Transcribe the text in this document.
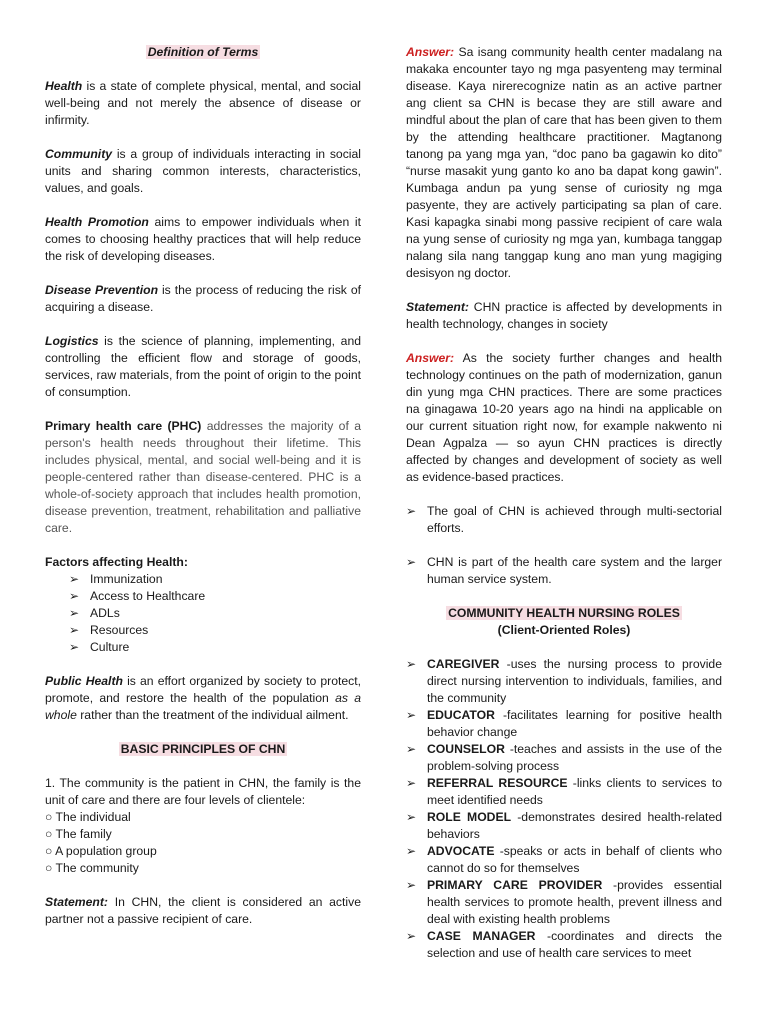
Definition of Terms

Health is a state of complete physical, mental, and social well-being and not merely the absence of disease or infirmity.

Community is a group of individuals interacting in social units and sharing common interests, characteristics, values, and goals.

Health Promotion aims to empower individuals when it comes to choosing healthy practices that will help reduce the risk of developing diseases.

Disease Prevention is the process of reducing the risk of acquiring a disease.

Logistics is the science of planning, implementing, and controlling the efficient flow and storage of goods, services, raw materials, from the point of origin to the point of consumption.

Primary health care (PHC) addresses the majority of a person's health needs throughout their lifetime. This includes physical, mental, and social well-being and it is people-centered rather than disease-centered. PHC is a whole-of-society approach that includes health promotion, disease prevention, treatment, rehabilitation and palliative care.

Factors affecting Health:
➢ Immunization
➢ Access to Healthcare
➢ ADLs
➢ Resources
➢ Culture

Public Health is an effort organized by society to protect, promote, and restore the health of the population as a whole rather than the treatment of the individual ailment.

BASIC PRINCIPLES OF CHN

1. The community is the patient in CHN, the family is the unit of care and there are four levels of clientele:

○ The individual
○ The family
○ A population group
○ The community

Statement: In CHN, the client is considered an active partner not a passive recipient of care.

Answer: Sa isang community health center madalang na makaka encounter tayo ng mga pasyenteng may terminal disease. Kaya nirerecognize natin as an active partner ang client sa CHN is becase they are still aware and mindful about the plan of care that has been given to them by the attending healthcare practitioner. Magtanong tanong pa yang mga yan, “doc pano ba gagawin ko dito” “nurse masakit yung ganto ko ano ba dapat kong gawin”. Kumbaga andun pa yung sense of curiosity ng mga pasyente, they are actively participating sa plan of care. Kasi kapagka sinabi mong passive recipient of care wala na yung sense of curiosity ng mga yan, kumbaga tanggap nalang sila nang tanggap kung ano man yung magiging desisyon ng doctor.

Statement: CHN practice is affected by developments in health technology, changes in society

Answer: As the society further changes and health technology continues on the path of modernization, ganun din yung mga CHN practices. There are some practices na ginagawa 10-20 years ago na hindi na applicable on our current situation right now, for example nakwento ni Dean Agpalza — so ayun CHN practices is directly affected by changes and development of society as well as evidence-based practices.

➢ The goal of CHN is achieved through multi-sectorial efforts.
➢ CHN is part of the health care system and the larger human service system.
COMMUNITY HEALTH NURSING ROLES
(Client-Oriented Roles)
➢ CAREGIVER -uses the nursing process to provide direct nursing intervention to individuals, families, and the community
➢ EDUCATOR -facilitates learning for positive health behavior change
➢ COUNSELOR -teaches and assists in the use of the problem-solving process
➢ REFERRAL RESOURCE -links clients to services to meet identified needs
➢ ROLE MODEL -demonstrates desired health-related behaviors
➢ ADVOCATE -speaks or acts in behalf of clients who cannot do so for themselves
➢ PRIMARY CARE PROVIDER -provides essential health services to promote health, prevent illness and deal with existing health problems
➢ CASE MANAGER -coordinates and directs the selection and use of health care services to meet
